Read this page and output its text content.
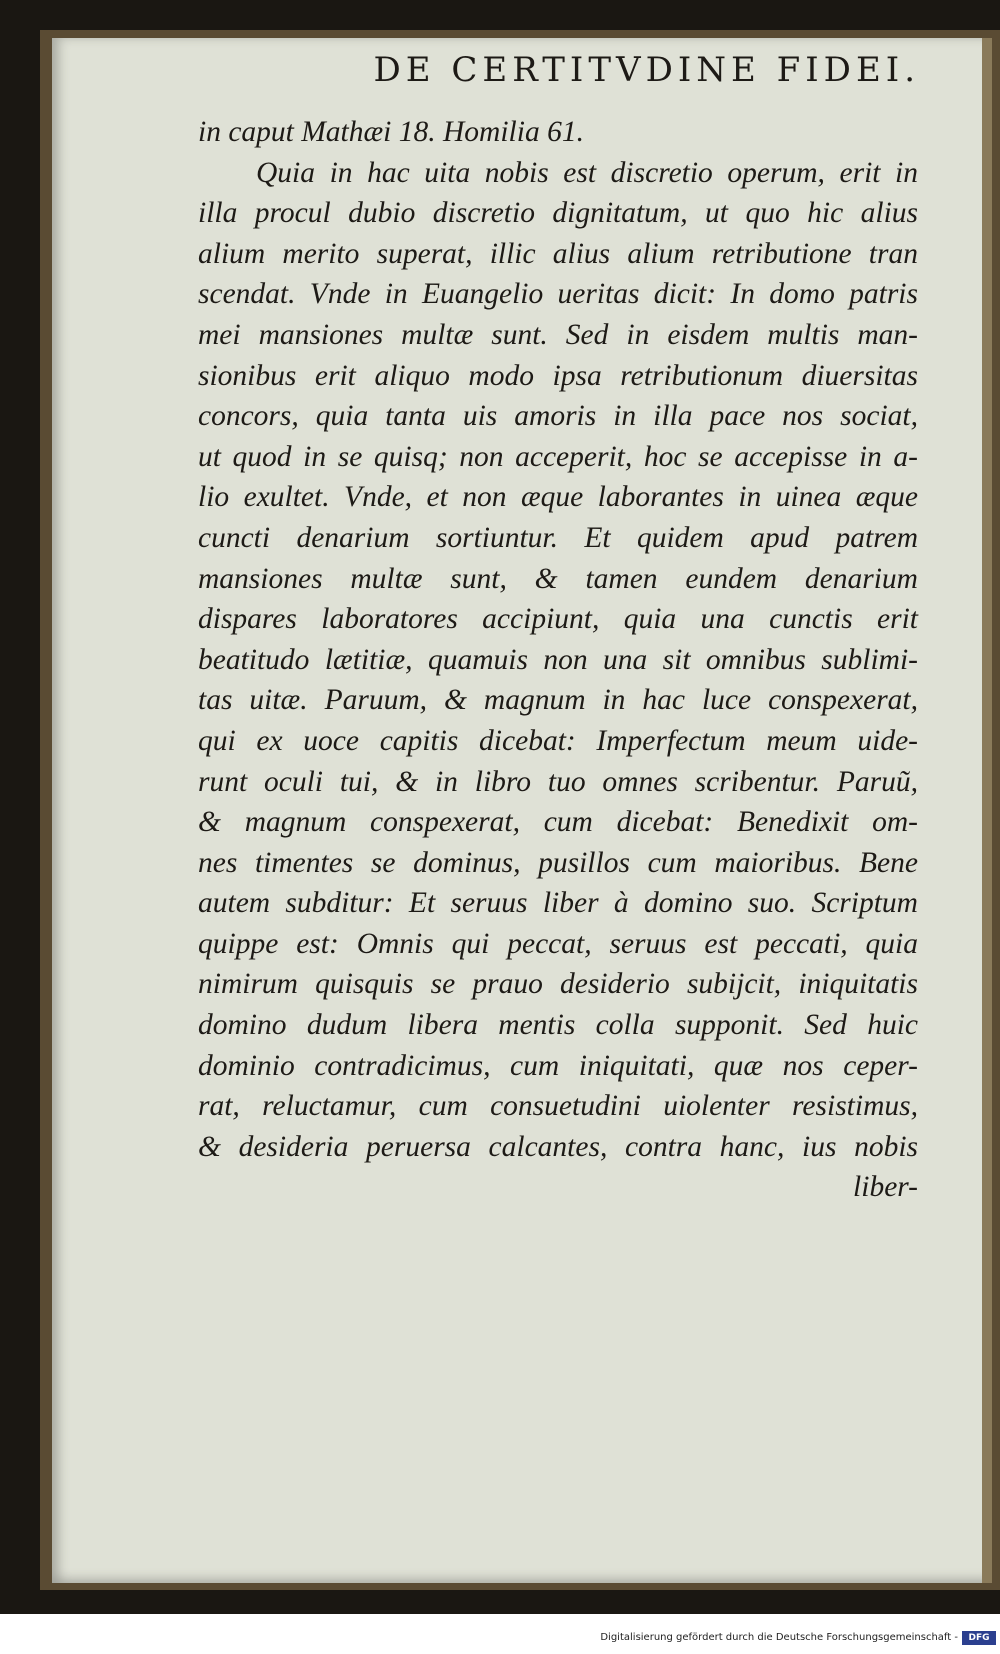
DE CERTITVDINE FIDEI.
in caput Mathæi 18. Homilia 61.
Quia in hac uita nobis est discretio operum, erit in
illa procul dubio discretio dignitatum, ut quo hic alius
alium merito superat, illic alius alium retributione tran
scendat. Vnde in Euangelio ueritas dicit: In domo patris
mei mansiones multæ sunt. Sed in eisdem multis man-
sionibus erit aliquo modo ipsa retributionum diuersitas
concors, quia tanta uis amoris in illa pace nos sociat,
ut quod in se quisq; non acceperit, hoc se accepisse in a-
lio exultet. Vnde, et non æque laborantes in uinea æque
cuncti denarium sortiuntur. Et quidem apud patrem
mansiones multæ sunt, & tamen eundem denarium
dispares laboratores accipiunt, quia una cunctis erit
beatitudo lætitiæ, quamuis non una sit omnibus sublimi-
tas uitæ. Paruum, & magnum in hac luce conspexerat,
qui ex uoce capitis dicebat: Imperfectum meum uide-
runt oculi tui, & in libro tuo omnes scribentur. Paruũ,
& magnum conspexerat, cum dicebat: Benedixit om-
nes timentes se dominus, pusillos cum maioribus. Bene
autem subditur: Et seruus liber à domino suo. Scriptum
quippe est: Omnis qui peccat, seruus est peccati, quia
nimirum quisquis se prauo desiderio subijcit, iniquitatis
domino dudum libera mentis colla supponit. Sed huic
dominio contradicimus, cum iniquitati, quæ nos ceper-
rat, reluctamur, cum consuetudini uiolenter resistimus,
& desideria peruersa calcantes, contra hanc, ius nobis
liber-
Digitalisierung gefördert durch die Deutsche Forschungsgemeinschaft -	DFG
